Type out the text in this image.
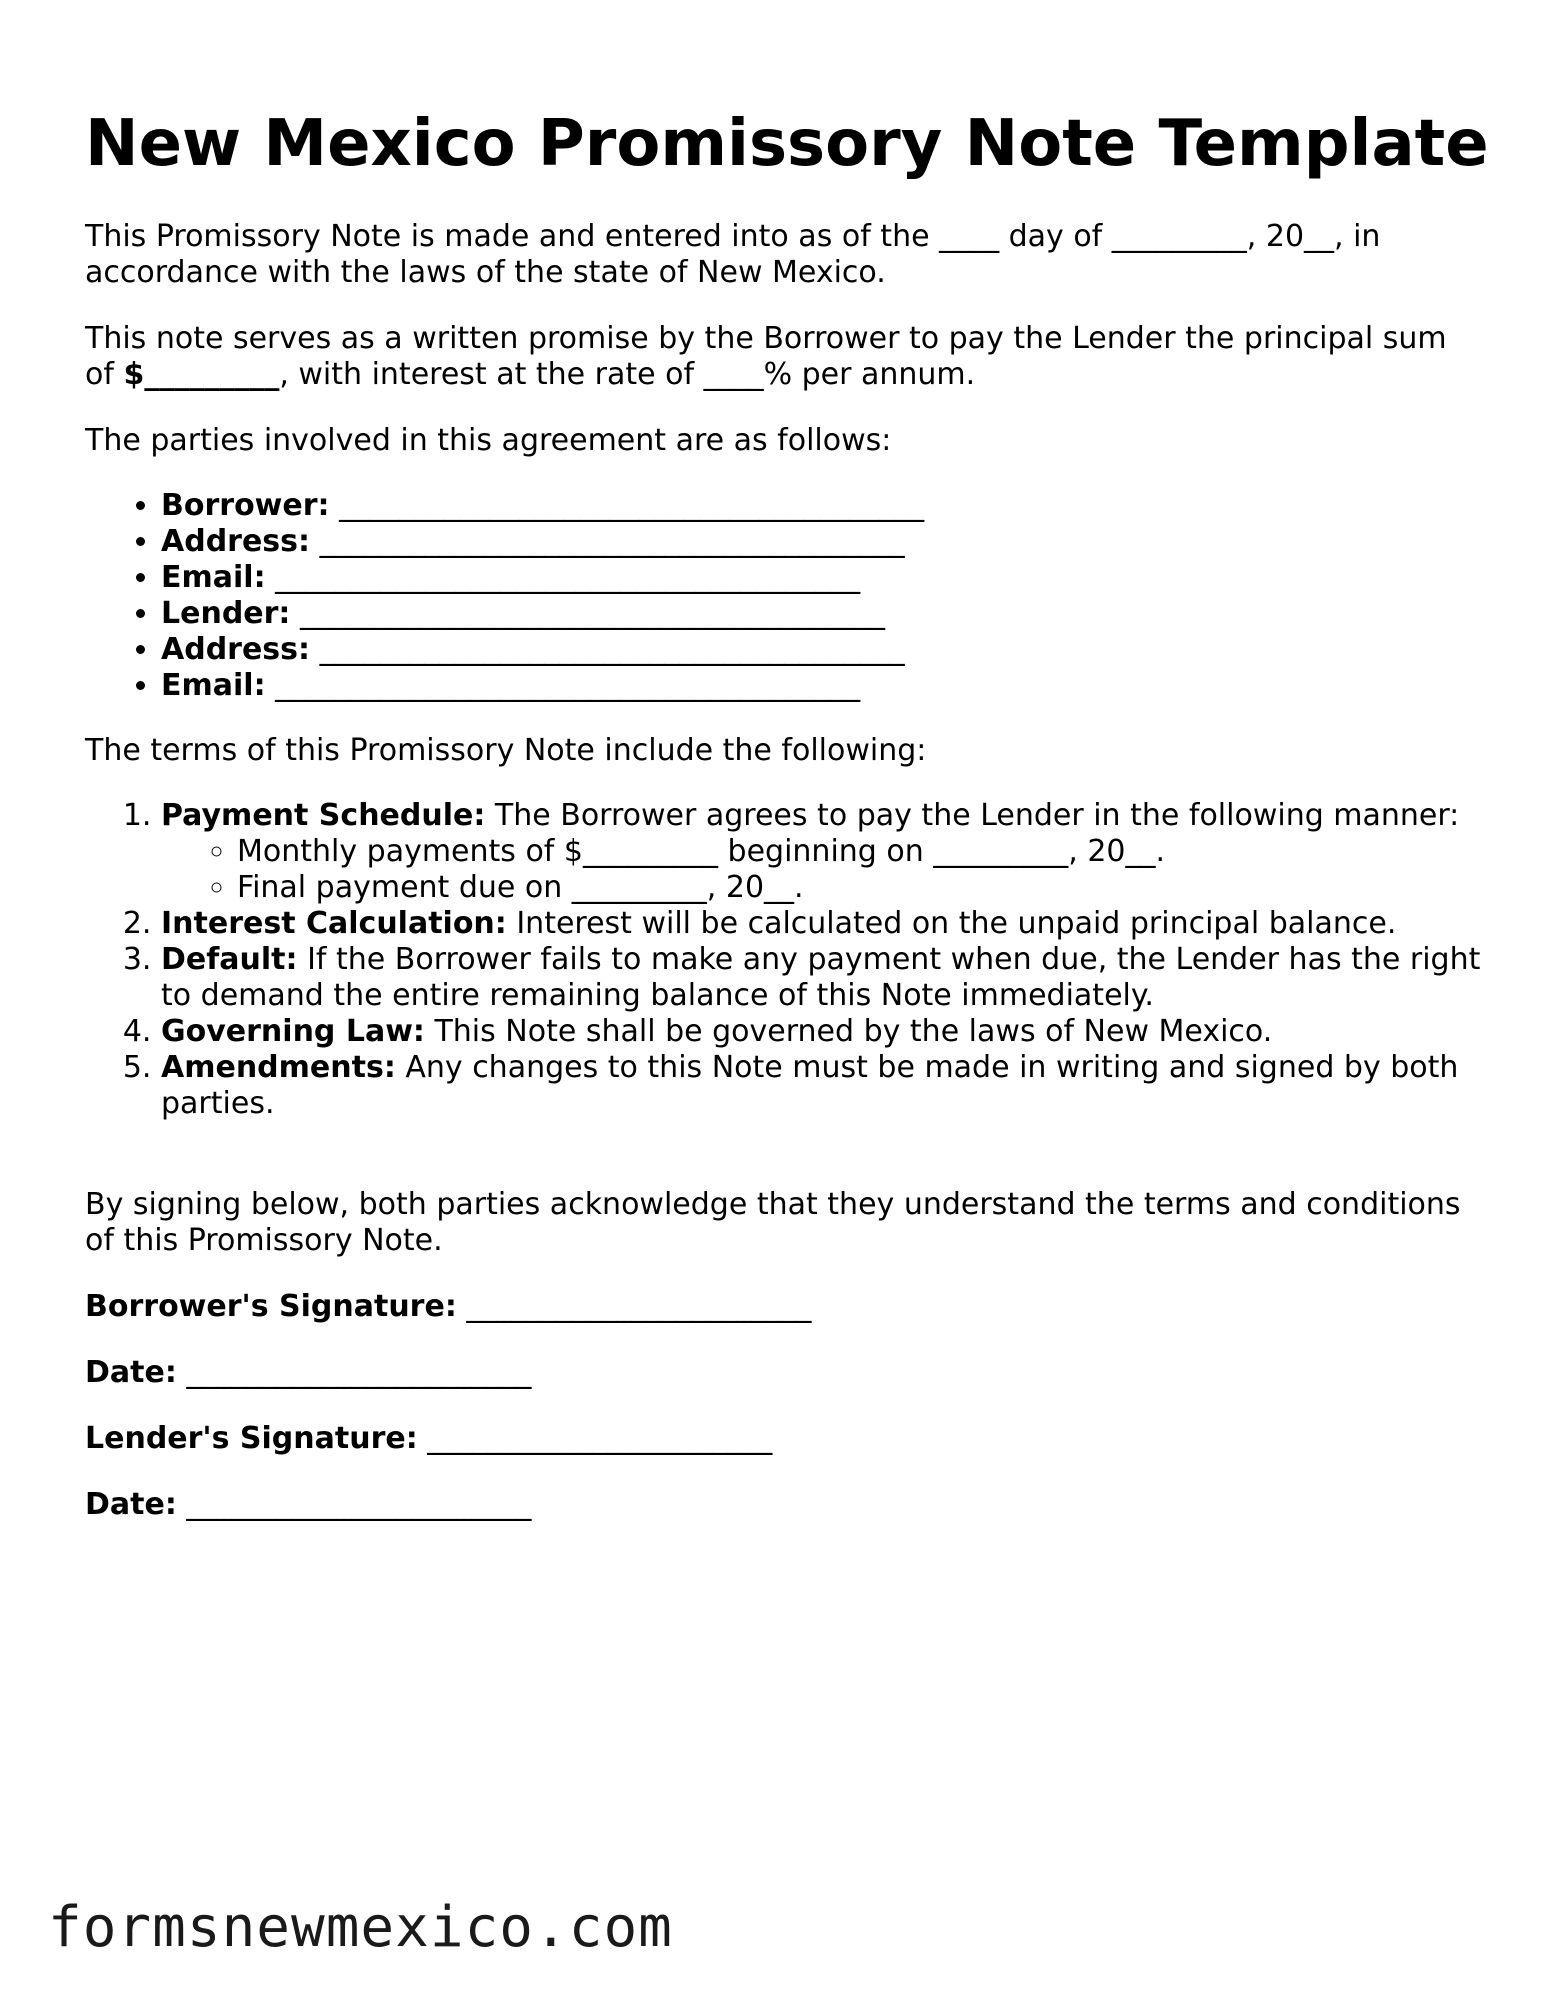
New Mexico Promissory Note Template

This Promissory Note is made and entered into as of the ____ day of _________, 20__, in accordance with the laws of the state of New Mexico.

This note serves as a written promise by the Borrower to pay the Lender the principal sum of $_________, with interest at the rate of ____% per annum.

The parties involved in this agreement are as follows:

• Borrower: _______________________________________
• Address: _______________________________________
• Email: _______________________________________
• Lender: _______________________________________
• Address: _______________________________________
• Email: _______________________________________

The terms of this Promissory Note include the following:

1. Payment Schedule: The Borrower agrees to pay the Lender in the following manner:
◦ Monthly payments of $_________ beginning on _________, 20__.
◦ Final payment due on _________, 20__.
2. Interest Calculation: Interest will be calculated on the unpaid principal balance.
3. Default: If the Borrower fails to make any payment when due, the Lender has the right to demand the entire remaining balance of this Note immediately.
4. Governing Law: This Note shall be governed by the laws of New Mexico.
5. Amendments: Any changes to this Note must be made in writing and signed by both parties.

By signing below, both parties acknowledge that they understand the terms and conditions of this Promissory Note.

Borrower's Signature: _______________________

Date: _______________________

Lender's Signature: _______________________

Date: _______________________

formsnewmexico.com
